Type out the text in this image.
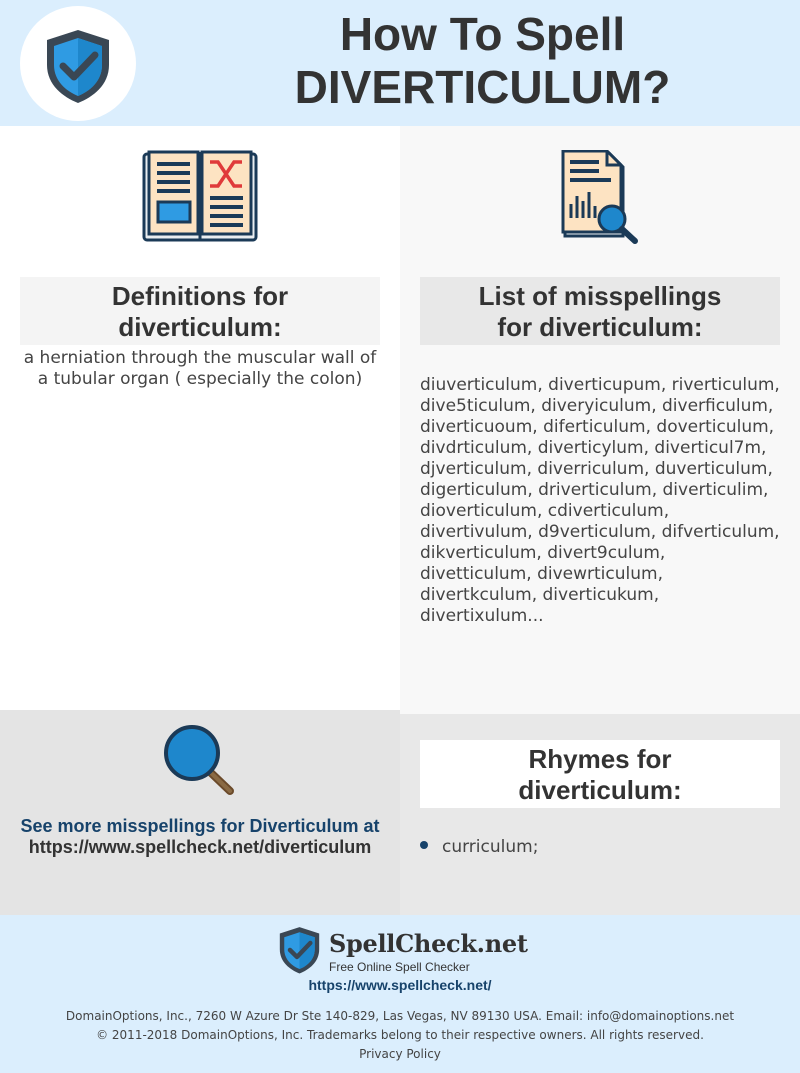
How To Spell
DIVERTICULUM?
Definitions for
diverticulum:
a herniation through the muscular wall of a tubular organ ( especially the colon)
List of misspellings
for diverticulum:
diuverticulum, diverticupum, riverticulum, dive5ticulum, diveryiculum, diverficulum, diverticuoum, diferticulum, doverticulum, divdrticulum, diverticylum, diverticul7m, djverticulum, diverriculum, duverticulum, digerticulum, driverticulum, diverticulim, dioverticulum, cdiverticulum, divertivulum, d9verticulum, difverticulum, dikverticulum, divert9culum, divetticulum, divewrticulum, divertkculum, diverticukum, divertixulum...
See more misspellings for Diverticulum at
https://www.spellcheck.net/diverticulum
Rhymes for
diverticulum:
curriculum;
SpellCheck.net
Free Online Spell Checker
https://www.spellcheck.net/
DomainOptions, Inc., 7260 W Azure Dr Ste 140-829, Las Vegas, NV 89130 USA. Email: info@domainoptions.net
© 2011-2018 DomainOptions, Inc. Trademarks belong to their respective owners. All rights reserved.
Privacy Policy
